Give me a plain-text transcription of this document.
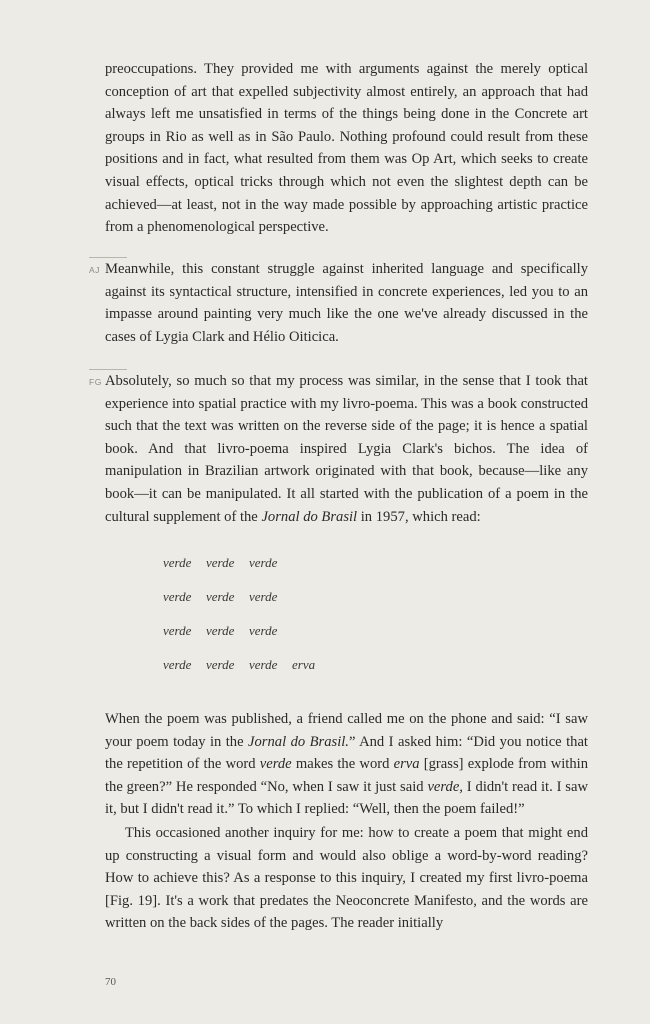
preoccupations. They provided me with arguments against the merely optical conception of art that expelled subjectivity almost entirely, an approach that had always left me unsatisfied in terms of the things being done in the Concrete art groups in Rio as well as in São Paulo. Nothing profound could result from these positions and in fact, what resulted from them was Op Art, which seeks to create visual effects, optical tricks through which not even the slightest depth can be achieved—at least, not in the way made possible by approaching artistic practice from a phenomenological perspective.

AJ Meanwhile, this constant struggle against inherited language and specifically against its syntactical structure, intensified in concrete experiences, led you to an impasse around painting very much like the one we've already discussed in the cases of Lygia Clark and Hélio Oiticica.

FG Absolutely, so much so that my process was similar, in the sense that I took that experience into spatial practice with my livro-poema. This was a book constructed such that the text was written on the reverse side of the page; it is hence a spatial book. And that livro-poema inspired Lygia Clark's bichos. The idea of manipulation in Brazilian artwork originated with that book, because—like any book—it can be manipulated. It all started with the publication of a poem in the cultural supplement of the Jornal do Brasil in 1957, which read:

verde verde verde
verde verde verde
verde verde verde
verde verde verde erva

When the poem was published, a friend called me on the phone and said: “I saw your poem today in the Jornal do Brasil.” And I asked him: “Did you notice that the repetition of the word verde makes the word erva [grass] explode from within the green?” He responded “No, when I saw it just said verde, I didn't read it. I saw it, but I didn't read it.” To which I replied: “Well, then the poem failed!”

This occasioned another inquiry for me: how to create a poem that might end up constructing a visual form and would also oblige a word-by-word reading? How to achieve this? As a response to this inquiry, I created my first livro-poema [Fig. 19]. It's a work that predates the Neoconcrete Manifesto, and the words are written on the back sides of the pages. The reader initially

70
